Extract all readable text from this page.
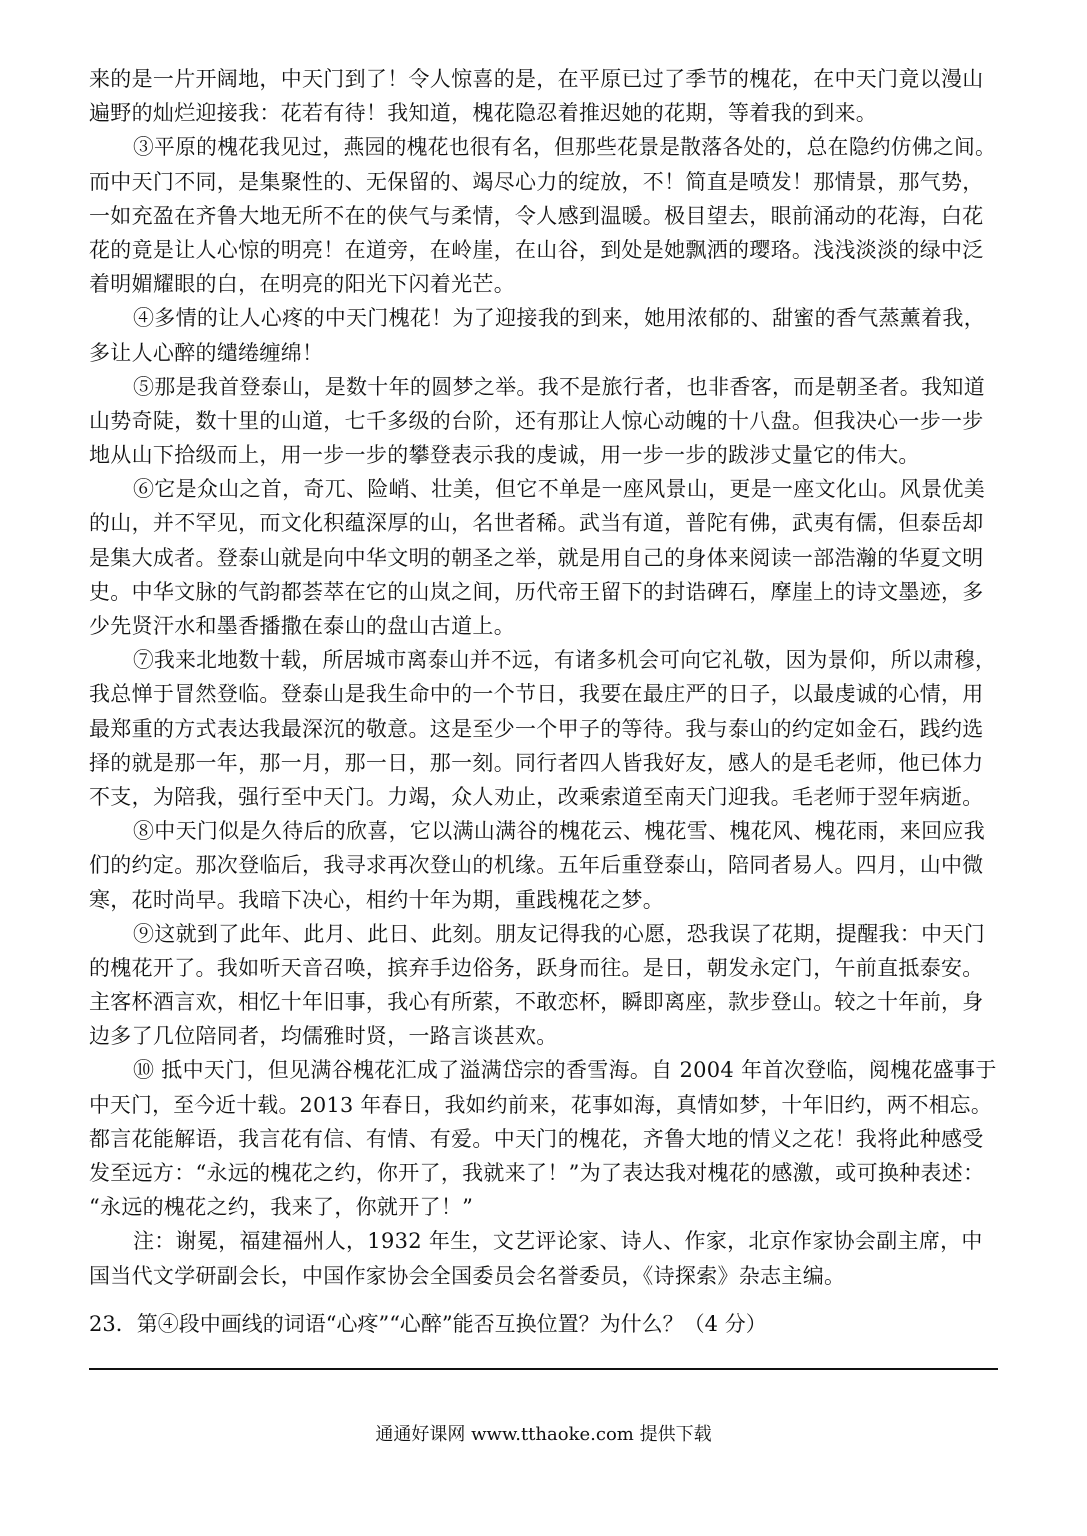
来的是一片开阔地，中天门到了！令人惊喜的是，在平原已过了季节的槐花，在中天门竟以漫山
遍野的灿烂迎接我：花若有待！我知道，槐花隐忍着推迟她的花期，等着我的到来。
③平原的槐花我见过，燕园的槐花也很有名，但那些花景是散落各处的，总在隐约仿佛之间。
而中天门不同，是集聚性的、无保留的、竭尽心力的绽放，不！简直是喷发！那情景，那气势，
一如充盈在齐鲁大地无所不在的侠气与柔情，令人感到温暖。极目望去，眼前涌动的花海，白花
花的竟是让人心惊的明亮！在道旁，在岭崖，在山谷，到处是她飘洒的璎珞。浅浅淡淡的绿中泛
着明媚耀眼的白，在明亮的阳光下闪着光芒。
④多情的让人心疼的中天门槐花！为了迎接我的到来，她用浓郁的、甜蜜的香气蒸薰着我，
多让人心醉的缱绻缠绵！
⑤那是我首登泰山，是数十年的圆梦之举。我不是旅行者，也非香客，而是朝圣者。我知道
山势奇陡，数十里的山道，七千多级的台阶，还有那让人惊心动魄的十八盘。但我决心一步一步
地从山下拾级而上，用一步一步的攀登表示我的虔诚，用一步一步的跋涉丈量它的伟大。
⑥它是众山之首，奇兀、险峭、壮美，但它不单是一座风景山，更是一座文化山。风景优美
的山，并不罕见，而文化积蕴深厚的山，名世者稀。武当有道，普陀有佛，武夷有儒，但泰岳却
是集大成者。登泰山就是向中华文明的朝圣之举，就是用自己的身体来阅读一部浩瀚的华夏文明
史。中华文脉的气韵都荟萃在它的山岚之间，历代帝王留下的封诰碑石，摩崖上的诗文墨迹，多
少先贤汗水和墨香播撒在泰山的盘山古道上。
⑦我来北地数十载，所居城市离泰山并不远，有诸多机会可向它礼敬，因为景仰，所以肃穆，
我总惮于冒然登临。登泰山是我生命中的一个节日，我要在最庄严的日子，以最虔诚的心情，用
最郑重的方式表达我最深沉的敬意。这是至少一个甲子的等待。我与泰山的约定如金石，践约选
择的就是那一年，那一月，那一日，那一刻。同行者四人皆我好友，感人的是毛老师，他已体力
不支，为陪我，强行至中天门。力竭，众人劝止，改乘索道至南天门迎我。毛老师于翌年病逝。
⑧中天门似是久待后的欣喜，它以满山满谷的槐花云、槐花雪、槐花风、槐花雨，来回应我
们的约定。那次登临后，我寻求再次登山的机缘。五年后重登泰山，陪同者易人。四月，山中微
寒，花时尚早。我暗下决心，相约十年为期，重践槐花之梦。
⑨这就到了此年、此月、此日、此刻。朋友记得我的心愿，恐我误了花期，提醒我：中天门
的槐花开了。我如听天音召唤，摈弃手边俗务，跃身而往。是日，朝发永定门，午前直抵泰安。
主客杯酒言欢，相忆十年旧事，我心有所萦，不敢恋杯，瞬即离座，款步登山。较之十年前，身
边多了几位陪同者，均儒雅时贤，一路言谈甚欢。
⑩ 抵中天门，但见满谷槐花汇成了溢满岱宗的香雪海。自 2004 年首次登临，阅槐花盛事于
中天门，至今近十载。2013 年春日，我如约前来，花事如海，真情如梦，十年旧约，两不相忘。
都言花能解语，我言花有信、有情、有爱。中天门的槐花，齐鲁大地的情义之花！我将此种感受
发至远方：“永远的槐花之约，你开了，我就来了！”为了表达我对槐花的感激，或可换种表述：
“永远的槐花之约，我来了，你就开了！”
注：谢冕，福建福州人，1932 年生，文艺评论家、诗人、作家，北京作家协会副主席，中
国当代文学研副会长，中国作家协会全国委员会名誉委员，《诗探索》杂志主编。
23．第④段中画线的词语“心疼”“心醉”能否互换位置？为什么？（4 分）
通通好课网 www.tthaoke.com 提供下载
